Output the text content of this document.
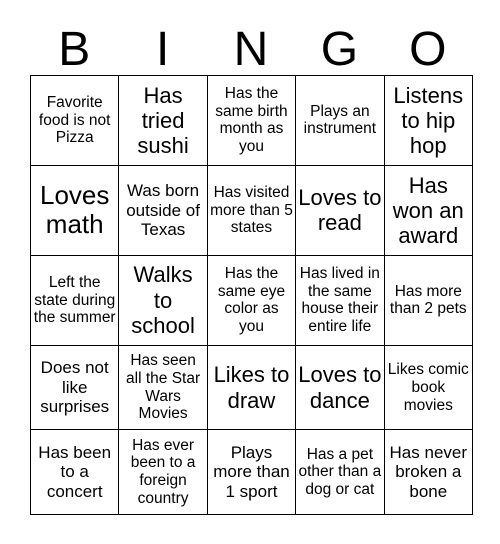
B	I	N	G	O
Favorite food is not Pizza	Has tried sushi	Has the same birth month as you	Plays an instrument	Listens to hip hop
Loves math	Was born outside of Texas	Has visited more than 5 states	Loves to read	Has won an award
Left the state during the summer	Walks to school	Has the same eye color as you	Has lived in the same house their entire life	Has more than 2 pets
Does not like surprises	Has seen all the Star Wars Movies	Likes to draw	Loves to dance	Likes comic book movies
Has been to a concert	Has ever been to a foreign country	Plays more than 1 sport	Has a pet other than a dog or cat	Has never broken a bone
